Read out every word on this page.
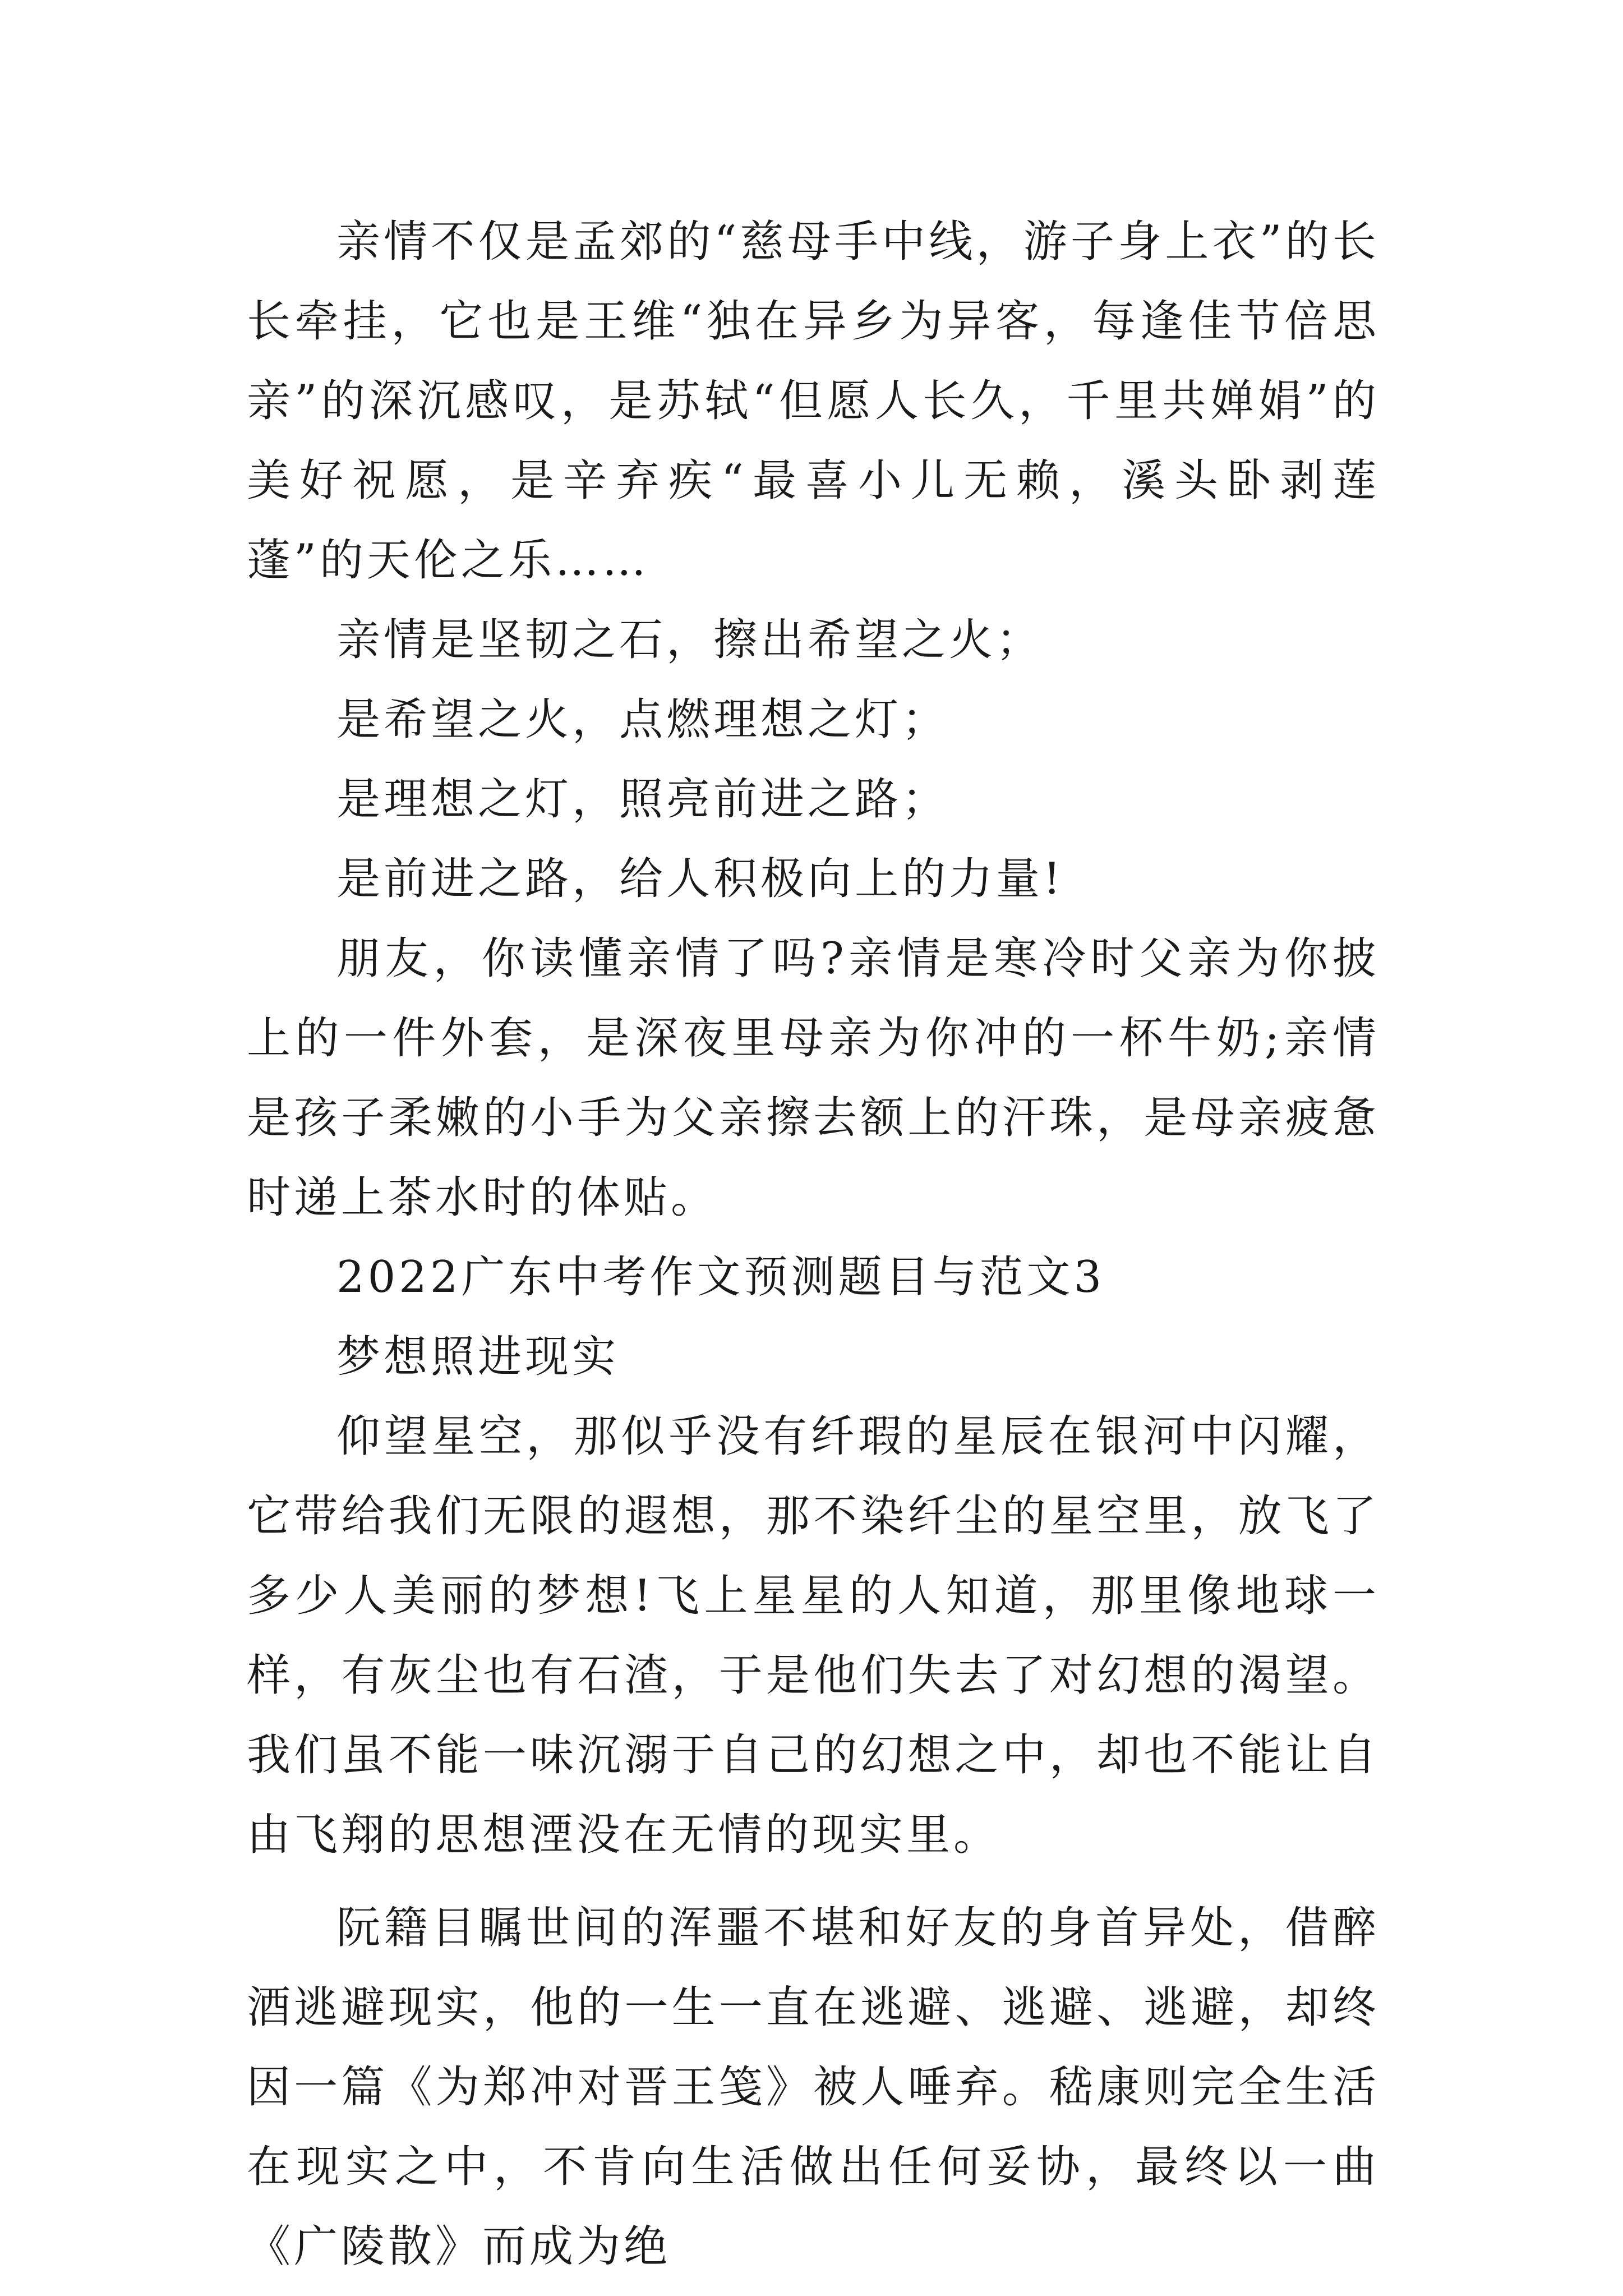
亲情不仅是孟郊的“慈母手中线，游子身上衣”的长长牵挂，它也是王维“独在异乡为异客，每逢佳节倍思亲”的深沉感叹，是苏轼“但愿人长久，千里共婵娟”的美好祝愿，是辛弃疾“最喜小儿无赖，溪头卧剥莲蓬”的天伦之乐……

亲情是坚韧之石，擦出希望之火；

是希望之火，点燃理想之灯；

是理想之灯，照亮前进之路；

是前进之路，给人积极向上的力量!

朋友，你读懂亲情了吗?亲情是寒冷时父亲为你披上的一件外套，是深夜里母亲为你冲的一杯牛奶;亲情是孩子柔嫩的小手为父亲擦去额上的汗珠，是母亲疲惫时递上茶水时的体贴。

2022广东中考作文预测题目与范文3

梦想照进现实

仰望星空，那似乎没有纤瑕的星辰在银河中闪耀，它带给我们无限的遐想，那不染纤尘的星空里，放飞了多少人美丽的梦想!飞上星星的人知道，那里像地球一样，有灰尘也有石渣，于是他们失去了对幻想的渴望。我们虽不能一味沉溺于自己的幻想之中，却也不能让自由飞翔的思想湮没在无情的现实里。

阮籍目瞩世间的浑噩不堪和好友的身首异处，借醉酒逃避现实，他的一生一直在逃避、逃避、逃避，却终因一篇《为郑冲对晋王笺》被人唾弃。嵇康则完全生活在现实之中，不肯向生活做出任何妥协，最终以一曲《广陵散》而成为绝
